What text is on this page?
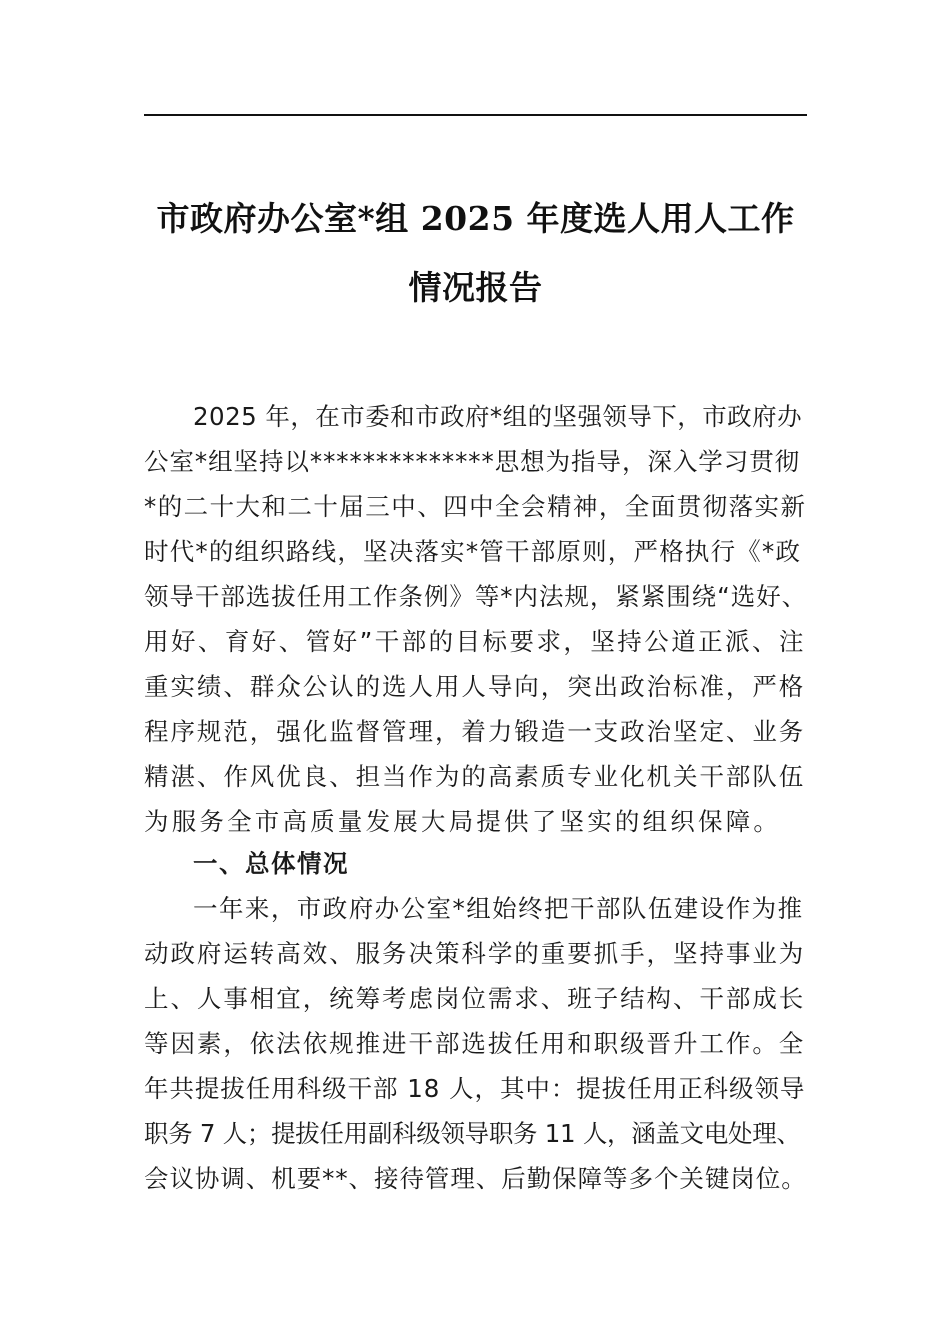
市政府办公室*组 2025 年度选人用人工作
情况报告
2025 年，在市委和市政府*组的坚强领导下，市政府办
公室*组坚持以**************思想为指导，深入学习贯彻
*的二十大和二十届三中、四中全会精神，全面贯彻落实新
时代*的组织路线，坚决落实*管干部原则，严格执行《*政
领导干部选拔任用工作条例》等*内法规，紧紧围绕“选好、
用好、育好、管好”干部的目标要求，坚持公道正派、注
重实绩、群众公认的选人用人导向，突出政治标准，严格
程序规范，强化监督管理，着力锻造一支政治坚定、业务
精湛、作风优良、担当作为的高素质专业化机关干部队伍
为服务全市高质量发展大局提供了坚实的组织保障。
一、总体情况
一年来，市政府办公室*组始终把干部队伍建设作为推
动政府运转高效、服务决策科学的重要抓手，坚持事业为
上、人事相宜，统筹考虑岗位需求、班子结构、干部成长
等因素，依法依规推进干部选拔任用和职级晋升工作。全
年共提拔任用科级干部 18 人，其中：提拔任用正科级领导
职务 7 人；提拔任用副科级领导职务 11 人，涵盖文电处理、
会议协调、机要**、接待管理、后勤保障等多个关键岗位。
